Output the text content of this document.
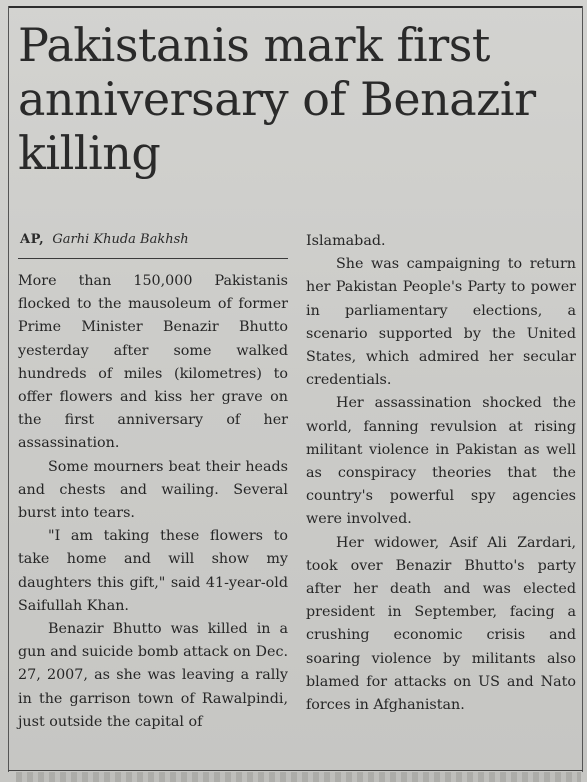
Pakistanis mark first anniversary of Benazir killing
AP, Garhi Khuda Bakhsh

More than 150,000 Pakistanis flocked to the mausoleum of former Prime Minister Benazir Bhutto yesterday after some walked hundreds of miles (kilometres) to offer flowers and kiss her grave on the first anniversary of her assassination.

Some mourners beat their heads and chests and wailing. Several burst into tears.

"I am taking these flowers to take home and will show my daughters this gift," said 41-year-old Saifullah Khan.

Benazir Bhutto was killed in a gun and suicide bomb attack on Dec. 27, 2007, as she was leaving a rally in the garrison town of Rawalpindi, just outside the capital of

Islamabad.

She was campaigning to return her Pakistan People's Party to power in parliamentary elections, a scenario supported by the United States, which admired her secular credentials.

Her assassination shocked the world, fanning revulsion at rising militant violence in Pakistan as well as conspiracy theories that the country's powerful spy agencies were involved.

Her widower, Asif Ali Zardari, took over Benazir Bhutto's party after her death and was elected president in September, facing a crushing economic crisis and soaring violence by militants also blamed for attacks on US and Nato forces in Afghanistan.
